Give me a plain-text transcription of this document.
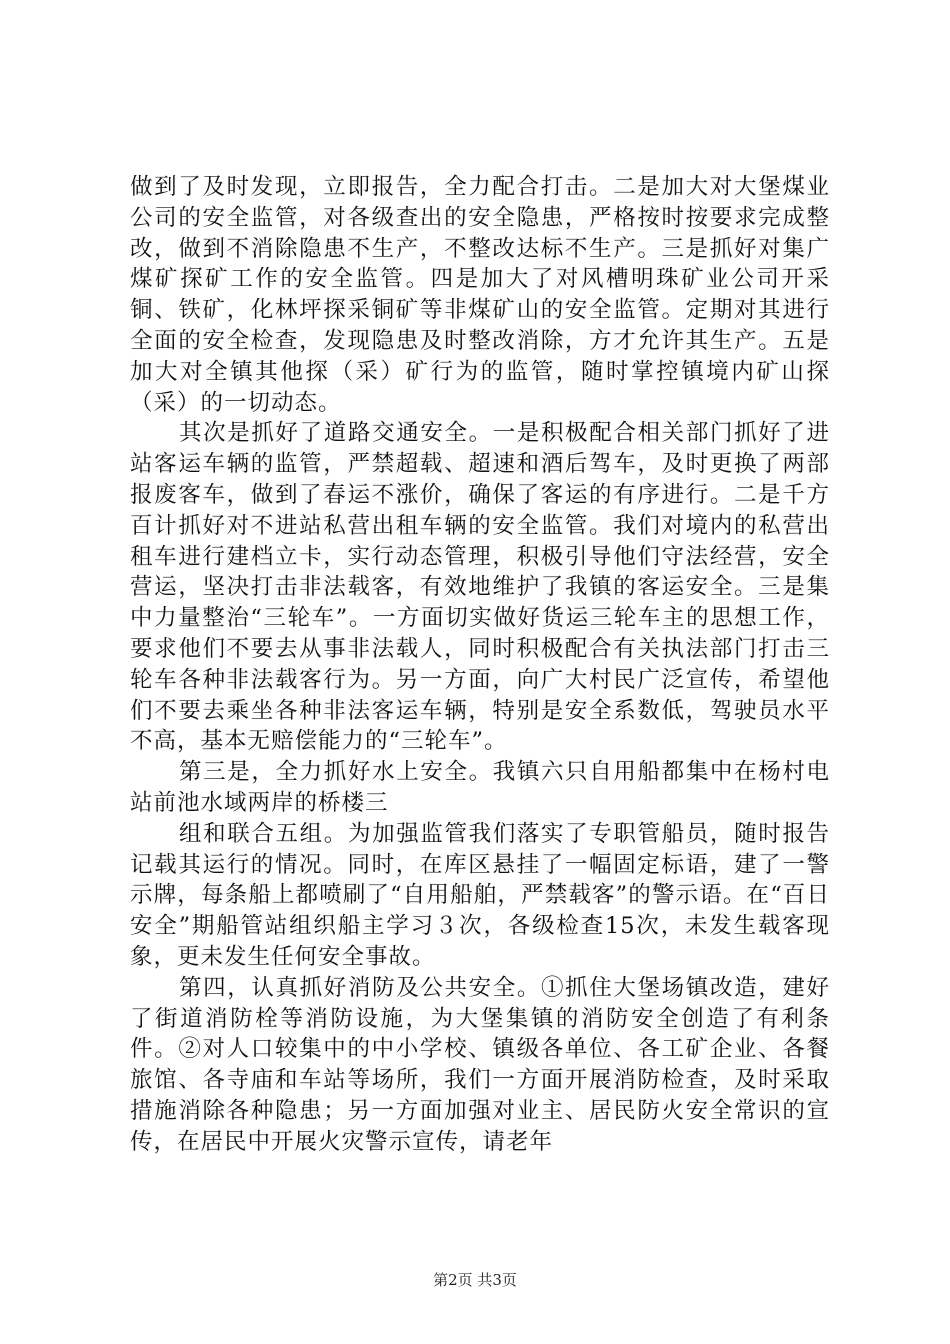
做到了及时发现，立即报告，全力配合打击。二是加大对大堡煤业公司的安全监管，对各级查出的安全隐患，严格按时按要求完成整改，做到不消除隐患不生产，不整改达标不生产。三是抓好对集广煤矿探矿工作的安全监管。四是加大了对风槽明珠矿业公司开采铜、铁矿，化林坪探采铜矿等非煤矿山的安全监管。定期对其进行全面的安全检查，发现隐患及时整改消除，方才允许其生产。五是加大对全镇其他探（采）矿行为的监管，随时掌控镇境内矿山探（采）的一切动态。

其次是抓好了道路交通安全。一是积极配合相关部门抓好了进站客运车辆的监管，严禁超载、超速和酒后驾车，及时更换了两部报废客车，做到了春运不涨价，确保了客运的有序进行。二是千方百计抓好对不进站私营出租车辆的安全监管。我们对境内的私营出租车进行建档立卡，实行动态管理，积极引导他们守法经营，安全营运，坚决打击非法载客，有效地维护了我镇的客运安全。三是集中力量整治“三轮车”。一方面切实做好货运三轮车主的思想工作，要求他们不要去从事非法载人，同时积极配合有关执法部门打击三轮车各种非法载客行为。另一方面，向广大村民广泛宣传，希望他们不要去乘坐各种非法客运车辆，特别是安全系数低，驾驶员水平不高，基本无赔偿能力的“三轮车”。

第三是，全力抓好水上安全。我镇六只自用船都集中在杨村电站前池水域两岸的桥楼三

组和联合五组。为加强监管我们落实了专职管船员，随时报告记载其运行的情况。同时，在库区悬挂了一幅固定标语，建了一警示牌，每条船上都喷刷了“自用船舶，严禁载客”的警示语。在“百日安全”期船管站组织船主学习３次，各级检查15次，未发生载客现象，更未发生任何安全事故。

第四，认真抓好消防及公共安全。①抓住大堡场镇改造，建好了街道消防栓等消防设施，为大堡集镇的消防安全创造了有利条件。②对人口较集中的中小学校、镇级各单位、各工矿企业、各餐旅馆、各寺庙和车站等场所，我们一方面开展消防检查，及时采取措施消除各种隐患；另一方面加强对业主、居民防火安全常识的宣传，在居民中开展火灾警示宣传，请老年

第2页 共3页
